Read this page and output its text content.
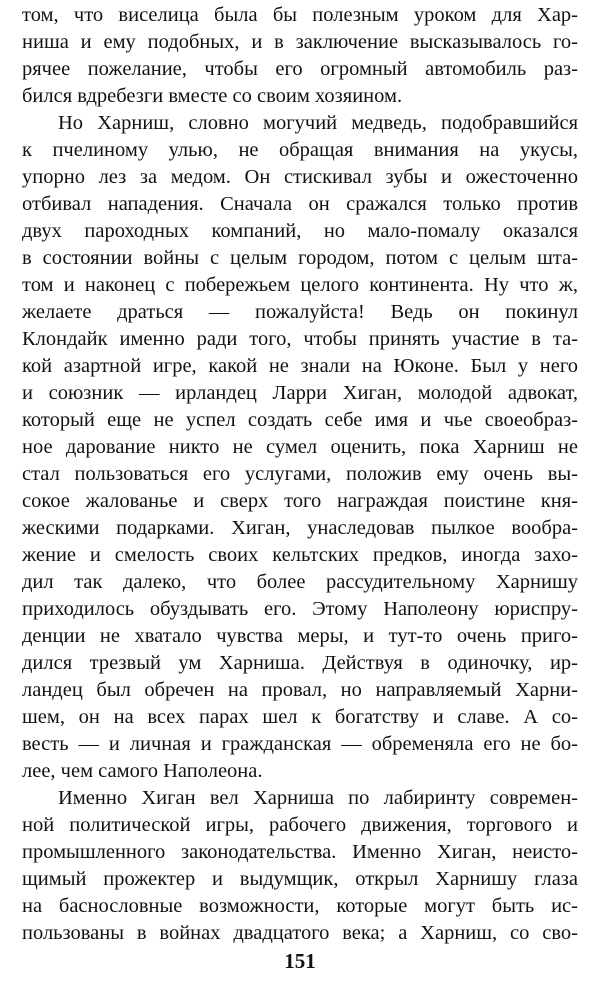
том, что виселица была бы полезным уроком для Хар-
ниша и ему подобных, и в заключение высказывалось го-
рячее пожелание, чтобы его огромный автомобиль раз-
бился вдребезги вместе со своим хозяином.
Но Харниш, словно могучий медведь, подобравшийся
к пчелиному улью, не обращая внимания на укусы,
упорно лез за медом. Он стискивал зубы и ожесточенно
отбивал нападения. Сначала он сражался только против
двух пароходных компаний, но мало-помалу оказался
в состоянии войны с целым городом, потом с целым шта-
том и наконец с побережьем целого континента. Ну что ж,
желаете драться — пожалуйста! Ведь он покинул
Клондайк именно ради того, чтобы принять участие в та-
кой азартной игре, какой не знали на Юконе. Был у него
и союзник — ирландец Ларри Хиган, молодой адвокат,
который еще не успел создать себе имя и чье своеобраз-
ное дарование никто не сумел оценить, пока Харниш не
стал пользоваться его услугами, положив ему очень вы-
сокое жалованье и сверх того награждая поистине кня-
жескими подарками. Хиган, унаследовав пылкое вообра-
жение и смелость своих кельтских предков, иногда захо-
дил так далеко, что более рассудительному Харнишу
приходилось обуздывать его. Этому Наполеону юриспру-
денции не хватало чувства меры, и тут-то очень приго-
дился трезвый ум Харниша. Действуя в одиночку, ир-
ландец был обречен на провал, но направляемый Харни-
шем, он на всех парах шел к богатству и славе. А со-
весть — и личная и гражданская — обременяла его не бо-
лее, чем самого Наполеона.
Именно Хиган вел Харниша по лабиринту современ-
ной политической игры, рабочего движения, торгового и
промышленного законодательства. Именно Хиган, неисто-
щимый прожектер и выдумщик, открыл Харнишу глаза
на баснословные возможности, которые могут быть ис-
пользованы в войнах двадцатого века; а Харниш, со сво-
151
